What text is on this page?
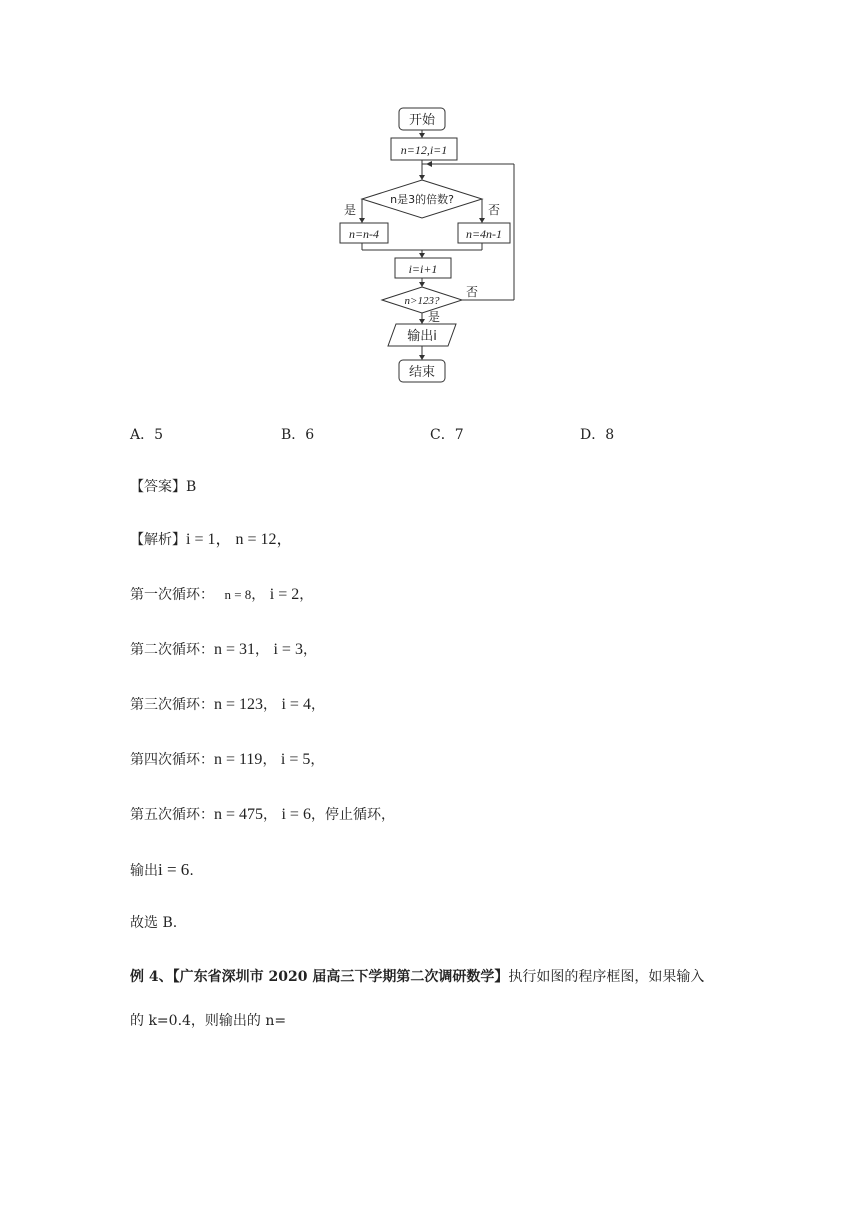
开始
n=12,i=1
n是3的倍数?
是	否
n=n-4	n=4n-1
i=i+1
n>123?
否
是
输出i
结束
A．5	B．6	C．7	D．8
【答案】B
【解析】i = 1， n = 12，
第一次循环： n = 8， i = 2，
第二次循环：n = 31， i = 3，
第三次循环：n = 123， i = 4，
第四次循环：n = 119， i = 5，
第五次循环：n = 475， i = 6，停止循环，
输出i = 6.
故选 B.
例 4、【广东省深圳市 2020 届高三下学期第二次调研数学】执行如图的程序框图，如果输入
的 k=0.4，则输出的 n=
